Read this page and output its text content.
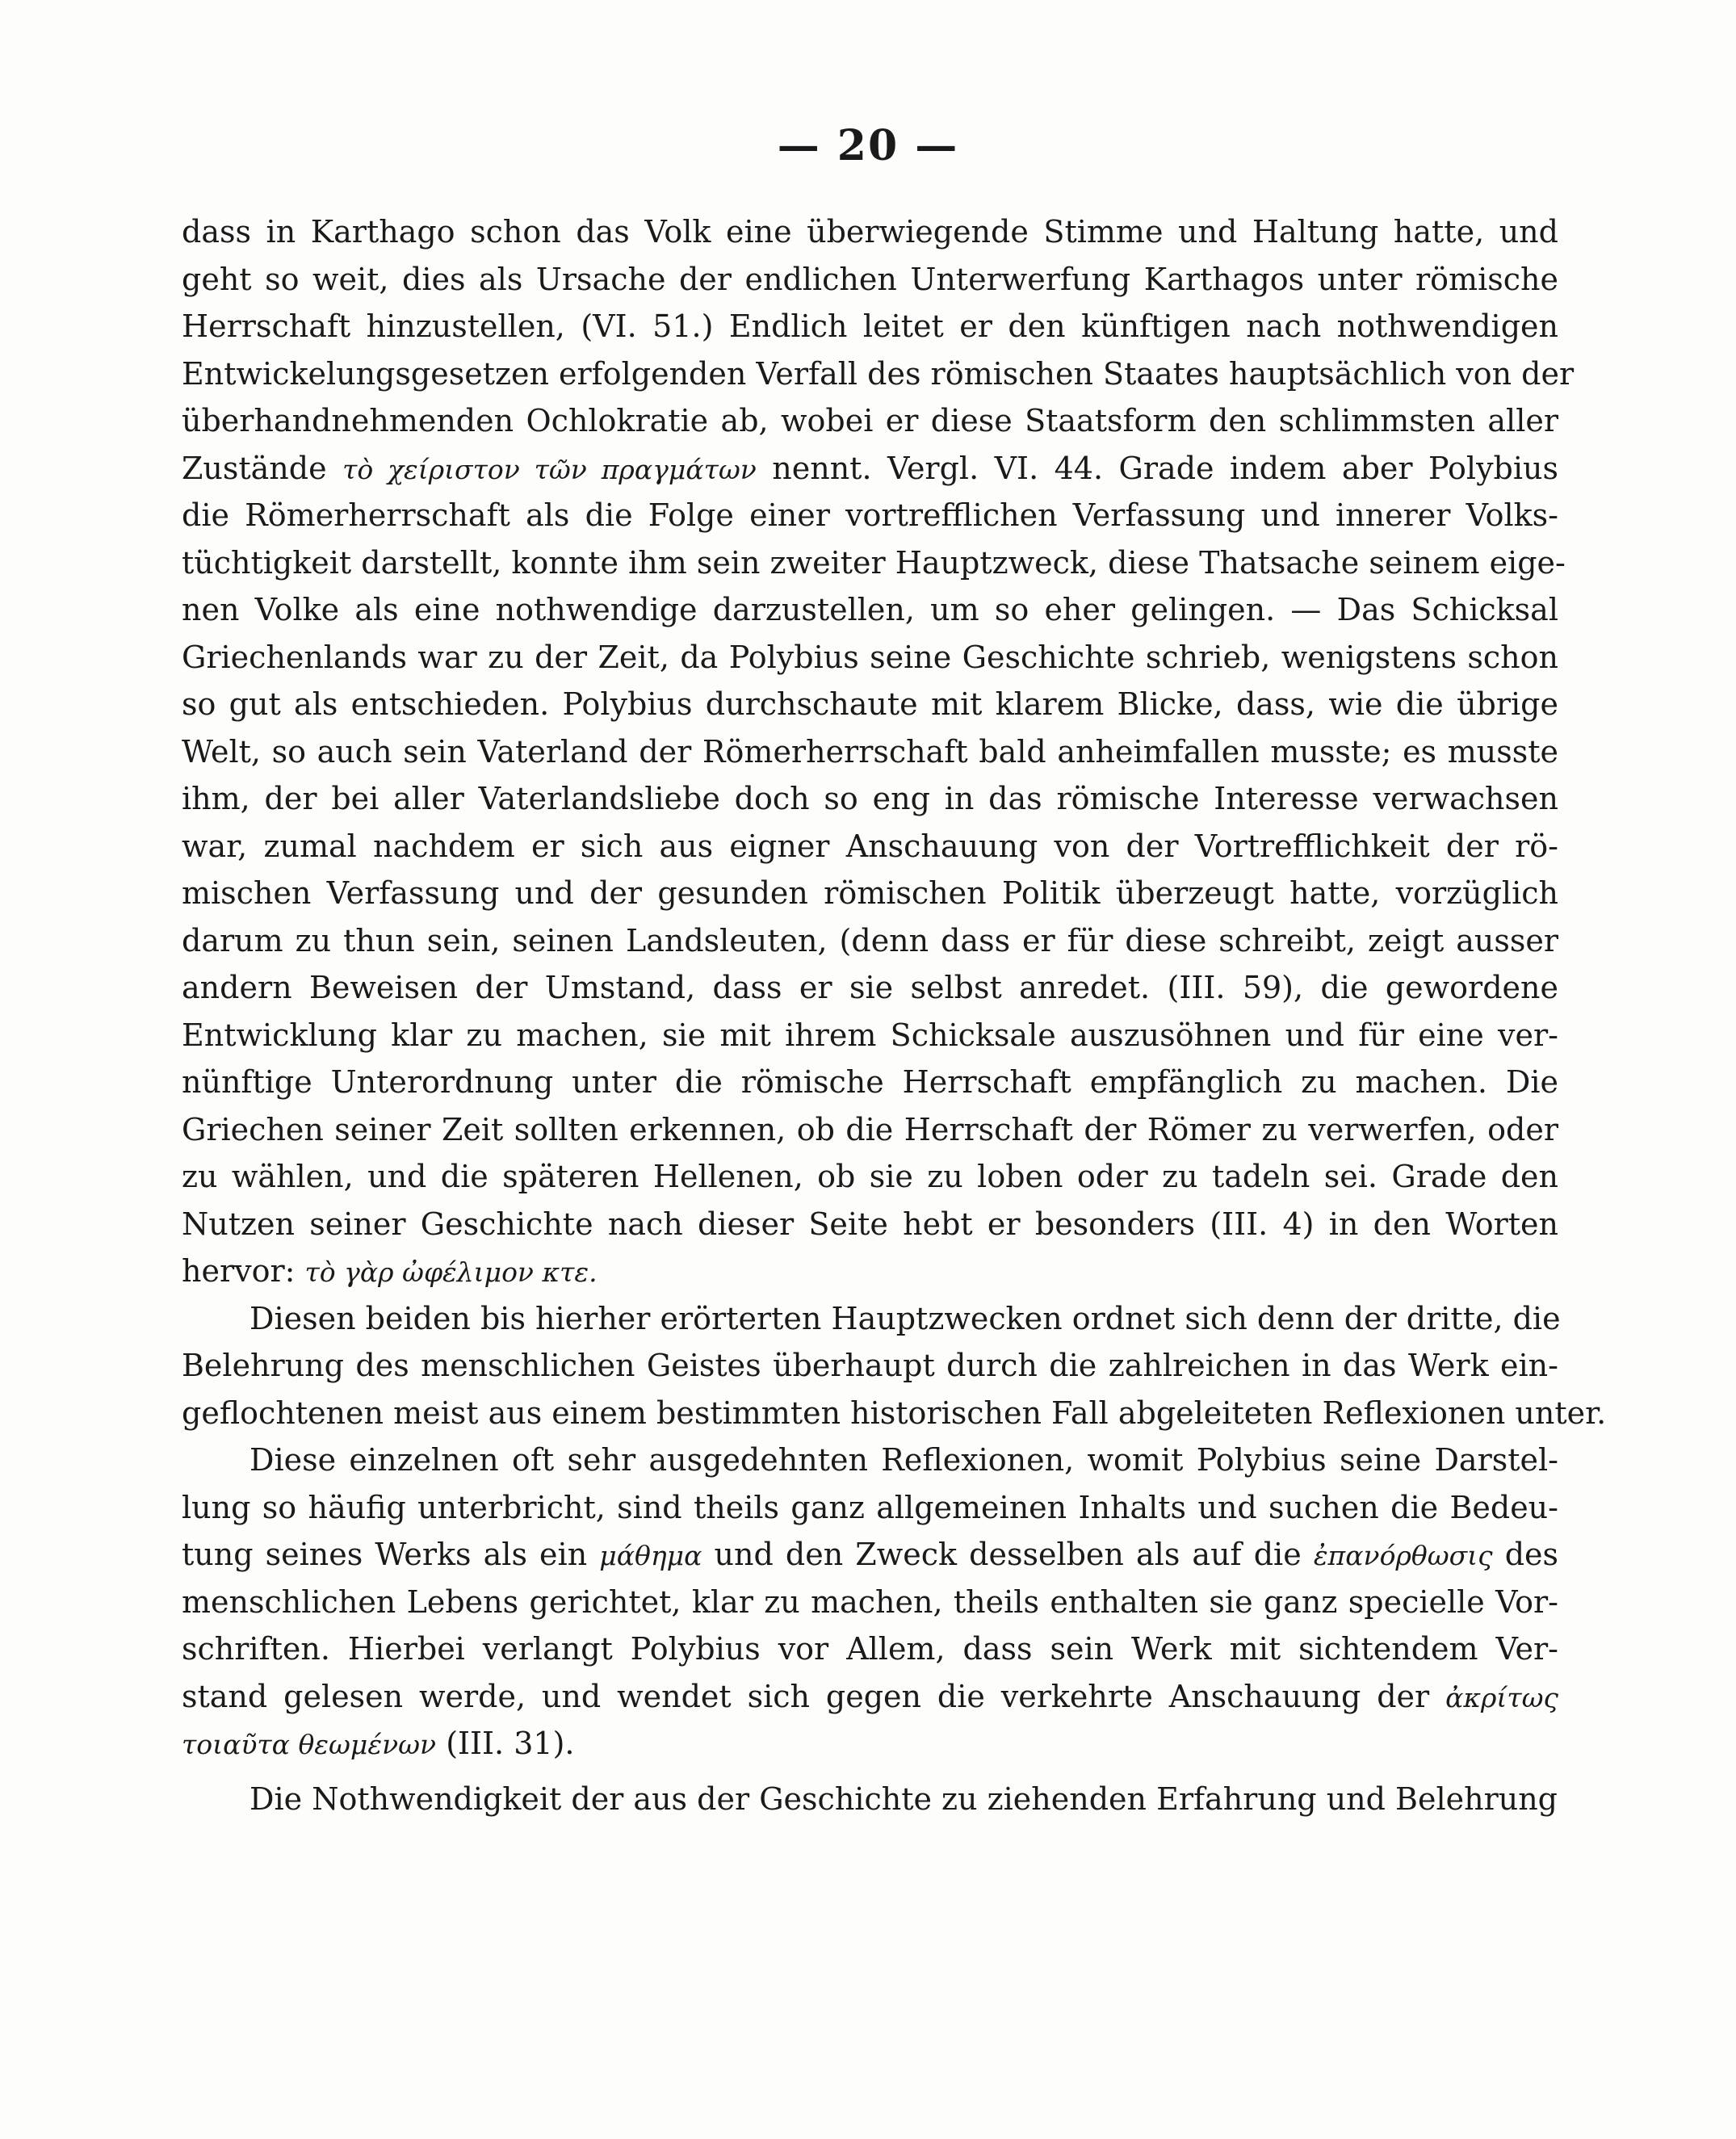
— 20 —
dass in Karthago schon das Volk eine überwiegende Stimme und Haltung hatte, und
geht so weit, dies als Ursache der endlichen Unterwerfung Karthagos unter römische
Herrschaft hinzustellen, (VI. 51.) Endlich leitet er den künftigen nach nothwendigen
Entwickelungsgesetzen erfolgenden Verfall des römischen Staates hauptsächlich von der
überhandnehmenden Ochlokratie ab, wobei er diese Staatsform den schlimmsten aller
Zustände τὸ χείριστον τῶν πραγμάτων nennt. Vergl. VI. 44. Grade indem aber Polybius
die Römerherrschaft als die Folge einer vortrefflichen Verfassung und innerer Volks-
tüchtigkeit darstellt, konnte ihm sein zweiter Hauptzweck, diese Thatsache seinem eige-
nen Volke als eine nothwendige darzustellen, um so eher gelingen. — Das Schicksal
Griechenlands war zu der Zeit, da Polybius seine Geschichte schrieb, wenigstens schon
so gut als entschieden. Polybius durchschaute mit klarem Blicke, dass, wie die übrige
Welt, so auch sein Vaterland der Römerherrschaft bald anheimfallen musste; es musste
ihm, der bei aller Vaterlandsliebe doch so eng in das römische Interesse verwachsen
war, zumal nachdem er sich aus eigner Anschauung von der Vortrefflichkeit der rö-
mischen Verfassung und der gesunden römischen Politik überzeugt hatte, vorzüglich
darum zu thun sein, seinen Landsleuten, (denn dass er für diese schreibt, zeigt ausser
andern Beweisen der Umstand, dass er sie selbst anredet. (III. 59), die gewordene
Entwicklung klar zu machen, sie mit ihrem Schicksale auszusöhnen und für eine ver-
nünftige Unterordnung unter die römische Herrschaft empfänglich zu machen. Die
Griechen seiner Zeit sollten erkennen, ob die Herrschaft der Römer zu verwerfen, oder
zu wählen, und die späteren Hellenen, ob sie zu loben oder zu tadeln sei. Grade den
Nutzen seiner Geschichte nach dieser Seite hebt er besonders (III. 4) in den Worten
hervor: τὸ γὰρ ὠφέλιμον κτε.
Diesen beiden bis hierher erörterten Hauptzwecken ordnet sich denn der dritte, die
Belehrung des menschlichen Geistes überhaupt durch die zahlreichen in das Werk ein-
geflochtenen meist aus einem bestimmten historischen Fall abgeleiteten Reflexionen unter.
Diese einzelnen oft sehr ausgedehnten Reflexionen, womit Polybius seine Darstel-
lung so häufig unterbricht, sind theils ganz allgemeinen Inhalts und suchen die Bedeu-
tung seines Werks als ein μάθημα und den Zweck desselben als auf die ἐπανόρθωσις des
menschlichen Lebens gerichtet, klar zu machen, theils enthalten sie ganz specielle Vor-
schriften. Hierbei verlangt Polybius vor Allem, dass sein Werk mit sichtendem Ver-
stand gelesen werde, und wendet sich gegen die verkehrte Anschauung der ἀκρίτως
τοιαῦτα θεωμένων (III. 31).
Die Nothwendigkeit der aus der Geschichte zu ziehenden Erfahrung und Belehrung
